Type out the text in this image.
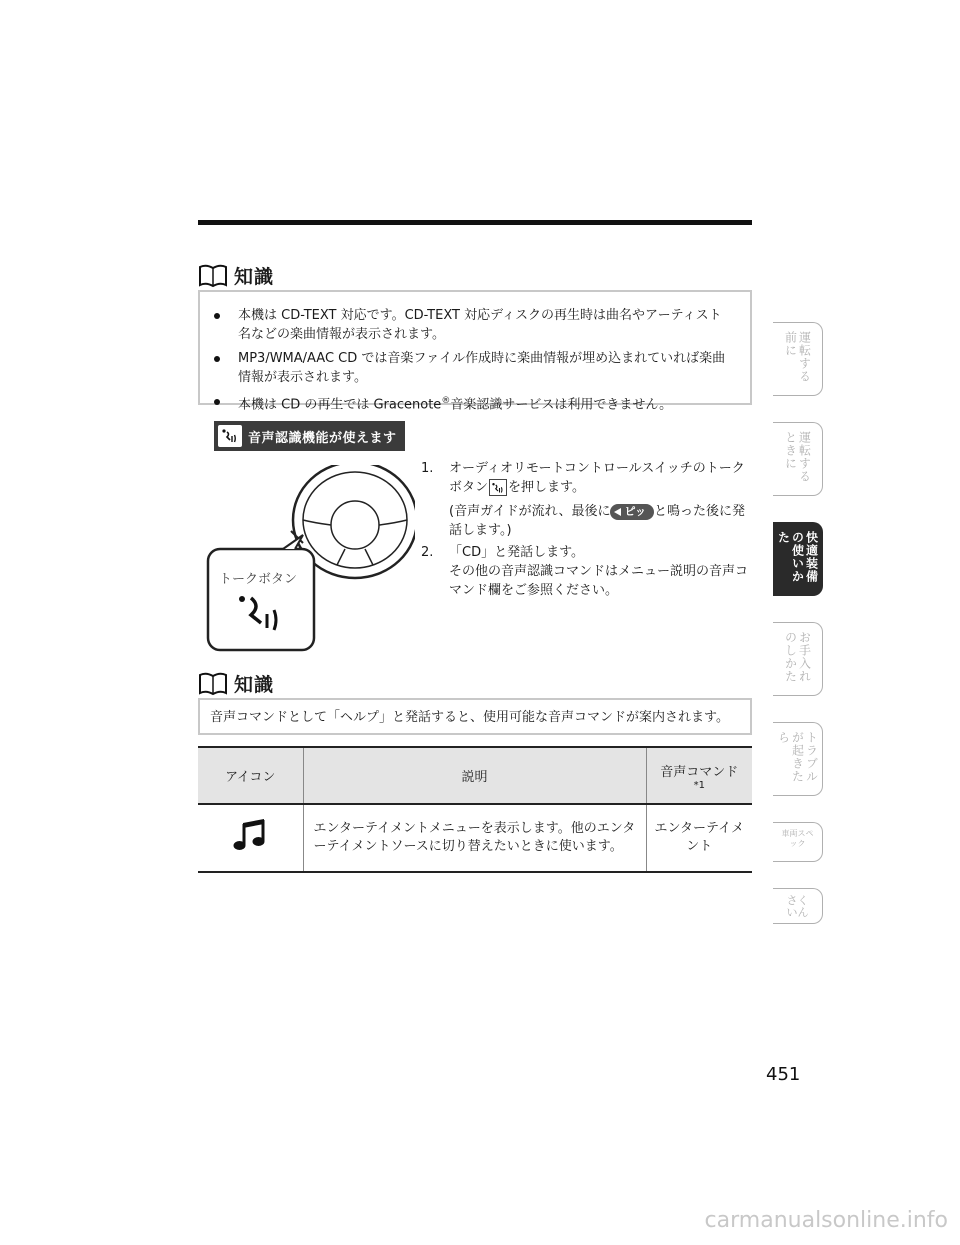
知識
本機は CD-TEXT 対応です。CD-TEXT 対応ディスクの再生時は曲名やアーティスト 名などの楽曲情報が表示されます。
MP3/WMA/AAC CD では音楽ファイル作成時に楽曲情報が埋め込まれていれば楽曲情報が表示されます。
本機は CD の再生では Gracenote®音楽認識サービスは利用できません。
音声認識機能が使えます
トークボタン
1. オーディオリモートコントロールスイッチのトークボタン を押します。
(音声ガイドが流れ、最後に ピッ と鳴った後に発話します。)
2. 「CD」と発話します。
その他の音声認識コマンドはメニュー説明の音声コマンド欄をご参照ください。
知識
音声コマンドとして「ヘルプ」と発話すると、使用可能な音声コマンドが案内されます。
アイコン	説明	音声コマンド
*1

	エンターテイメントメニューを表示します。他のエンターテイメントソースに切り替えたいときに使います。	エンターテイメント
運転する前に
運転するときに
快適装備の使いかた
お手入れのしかた
トラブルが起きたら
車両スペック
さくいん
451
carmanualsonline.info
